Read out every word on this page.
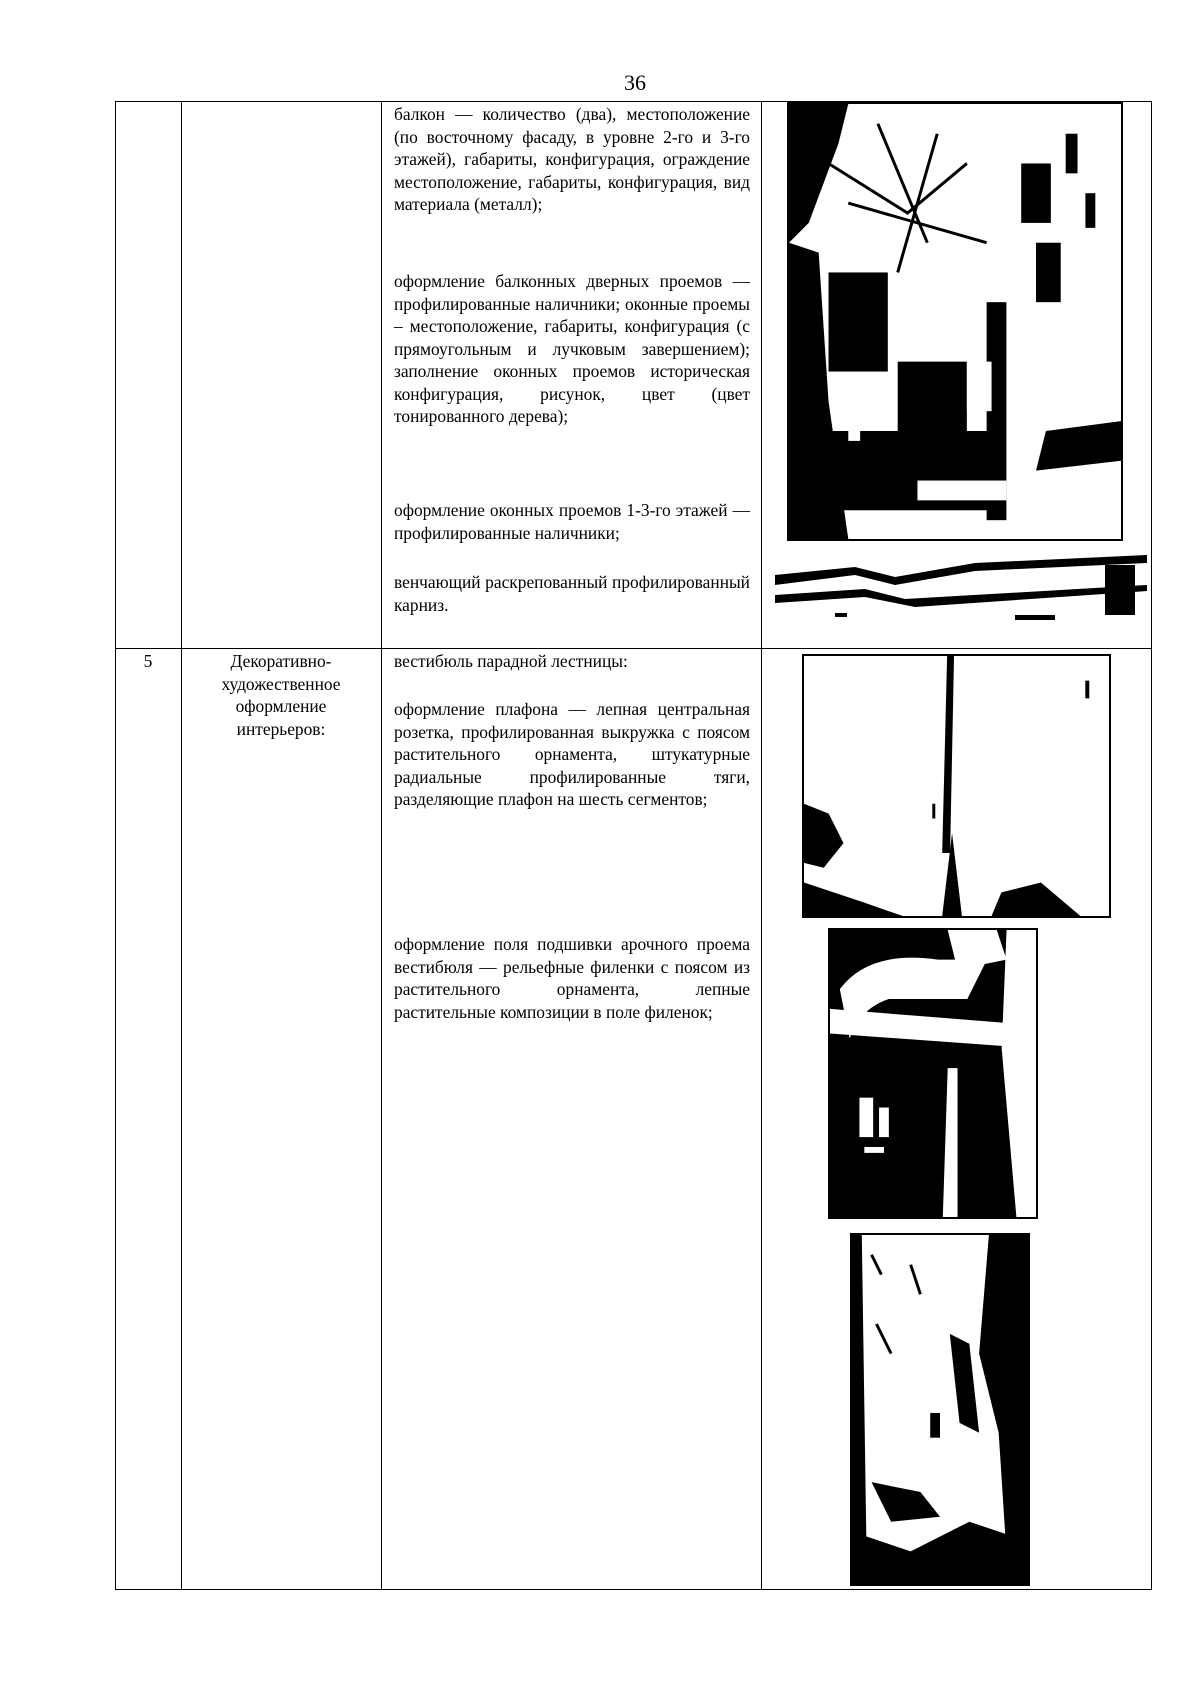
36
балкон — количество (два), местоположение (по восточному фасаду, в уровне 2-го и 3-го этажей), габариты, конфигурация, ограждение местоположение, габариты, конфигурация, вид материала (металл);
оформление балконных дверных проемов — профилированные наличники; оконные проемы – местоположение, габариты, конфигурация (с прямоугольным и лучковым завершением); заполнение оконных проемов историческая конфигурация, рисунок, цвет (цвет тонированного дерева);
оформление оконных проемов 1-3-го этажей — профилированные наличники;
венчающий раскрепованный профилированный карниз.
5	Декоративно-художественное оформление интерьеров:
вестибюль парадной лестницы:
оформление плафона — лепная центральная розетка, профилированная выкружка с поясом растительного орнамента, штукатурные радиальные профилированные тяги, разделяющие плафон на шесть сегментов;
оформление поля подшивки арочного проема вестибюля — рельефные филенки с поясом из растительного орнамента, лепные растительные композиции в поле филенок;
